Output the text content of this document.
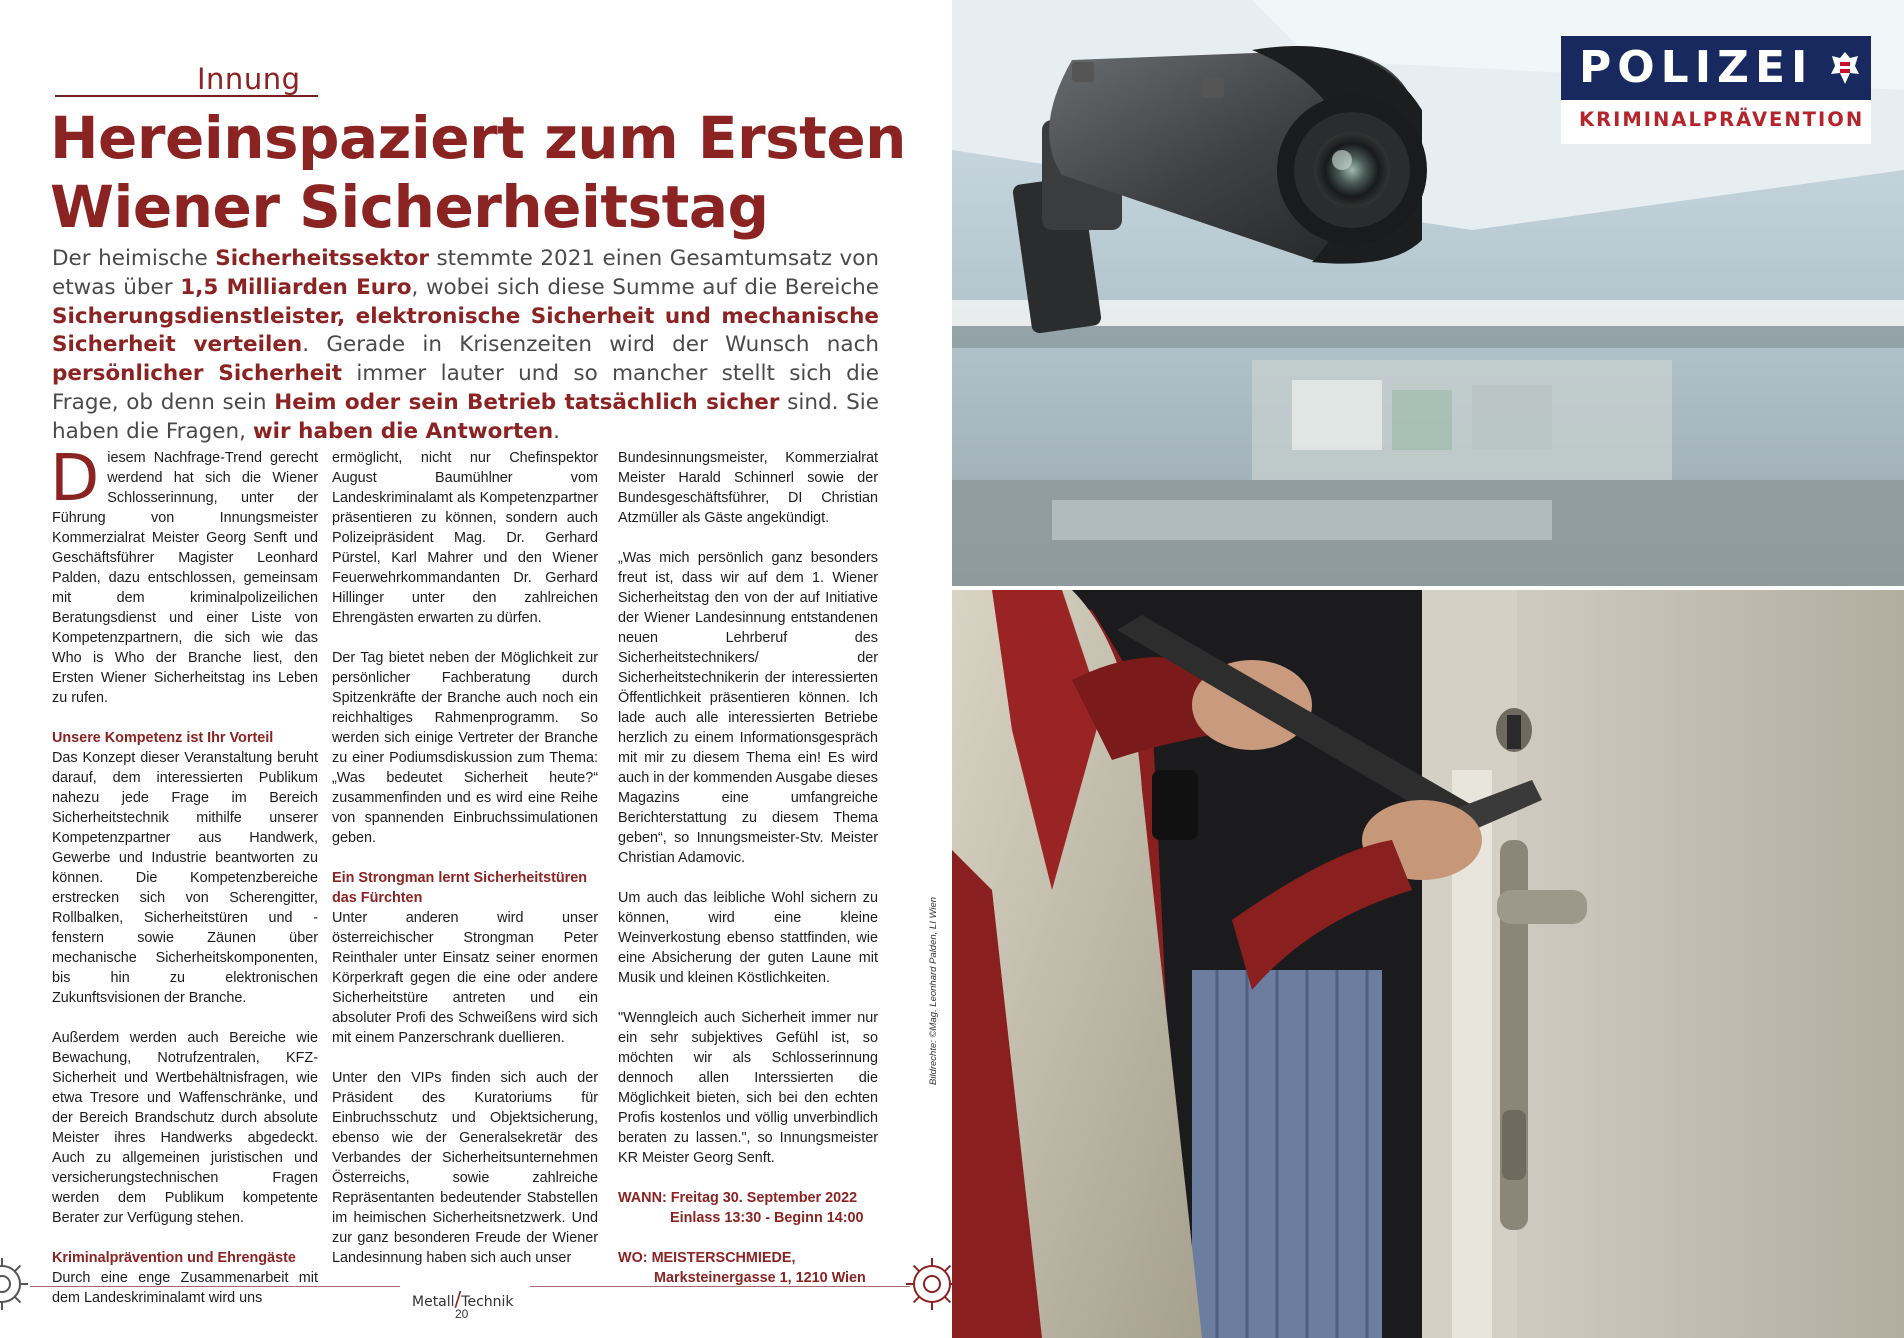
Innung
Hereinspaziert zum Ersten
Wiener Sicherheitstag

Der heimische Sicherheitssektor stemmte 2021 einen Gesamtumsatz von etwas über 1,5 Milliarden Euro, wobei sich diese Summe auf die Bereiche Sicherungsdienstleister, elektronische Sicherheit und mechanische Sicherheit verteilen. Gerade in Krisenzeiten wird der Wunsch nach persönlicher Sicherheit immer lauter und so mancher stellt sich die Frage, ob denn sein Heim oder sein Betrieb tatsächlich sicher sind. Sie haben die Fragen, wir haben die Antworten.

Diesem Nachfrage-Trend gerecht werdend hat sich die Wiener Schlosserinnung, unter der Führung von Innungsmeister Kommerzialrat Meister Georg Senft und Geschäftsführer Magister Leonhard Palden, dazu entschlossen, gemeinsam mit dem kriminalpolizeilichen Beratungsdienst und einer Liste von Kompetenzpartnern, die sich wie das Who is Who der Branche liest, den Ersten Wiener Sicherheitstag ins Leben zu rufen.

Unsere Kompetenz ist Ihr Vorteil

Das Konzept dieser Veranstaltung beruht darauf, dem interessierten Publikum nahezu jede Frage im Bereich Sicherheitstechnik mithilfe unserer Kompetenzpartner aus Handwerk, Gewerbe und Industrie beantworten zu können. Die Kompetenzbereiche erstrecken sich von Scherengitter, Rollbalken, Sicherheitstüren und -fenstern sowie Zäunen über mechanische Sicherheitskomponenten, bis hin zu elektronischen Zukunftsvisionen der Branche.

Außerdem werden auch Bereiche wie Bewachung, Notrufzentralen, KFZ-Sicherheit und Wertbehältnisfragen, wie etwa Tresore und Waffenschränke, und der Bereich Brandschutz durch absolute Meister ihres Handwerks abgedeckt. Auch zu allgemeinen juristischen und versicherungstechnischen Fragen werden dem Publikum kompetente Berater zur Verfügung stehen.

Kriminalprävention und Ehrengäste

Durch eine enge Zusammenarbeit mit dem Landeskriminalamt wird uns

ermöglicht, nicht nur Chefinspektor August Baumühlner vom Landeskriminalamt als Kompetenzpartner präsentieren zu können, sondern auch Polizeipräsident Mag. Dr. Gerhard Pürstel, Karl Mahrer und den Wiener Feuerwehrkommandanten Dr. Gerhard Hillinger unter den zahlreichen Ehrengästen erwarten zu dürfen.

Der Tag bietet neben der Möglichkeit zur persönlicher Fachberatung durch Spitzenkräfte der Branche auch noch ein reichhaltiges Rahmenprogramm. So werden sich einige Vertreter der Branche zu einer Podiumsdiskussion zum Thema: „Was bedeutet Sicherheit heute?“ zusammenfinden und es wird eine Reihe von spannenden Einbruchssimulationen geben.

Ein Strongman lernt Sicherheitstüren das Fürchten

Unter anderen wird unser österreichischer Strongman Peter Reinthaler unter Einsatz seiner enormen Körperkraft gegen die eine oder andere Sicherheitstüre antreten und ein absoluter Profi des Schweißens wird sich mit einem Panzerschrank duellieren.

Unter den VIPs finden sich auch der Präsident des Kuratoriums für Einbruchsschutz und Objektsicherung, ebenso wie der Generalsekretär des Verbandes der Sicherheitsunternehmen Österreichs, sowie zahlreiche Repräsentanten bedeutender Stabstellen im heimischen Sicherheitsnetzwerk. Und zur ganz besonderen Freude der Wiener Landesinnung haben sich auch unser

Bundesinnungsmeister, Kommerzialrat Meister Harald Schinnerl sowie der Bundesgeschäftsführer, DI Christian Atzmüller als Gäste angekündigt.

„Was mich persönlich ganz besonders freut ist, dass wir auf dem 1. Wiener Sicherheitstag den von der auf Initiative der Wiener Landesinnung entstandenen neuen Lehrberuf des Sicherheitstechnikers/ der Sicherheitstechnikerin der interessierten Öffentlichkeit präsentieren können. Ich lade auch alle interessierten Betriebe herzlich zu einem Informationsgespräch mit mir zu diesem Thema ein! Es wird auch in der kommenden Ausgabe dieses Magazins eine umfangreiche Berichterstattung zu diesem Thema geben“, so Innungsmeister-Stv. Meister Christian Adamovic.

Um auch das leibliche Wohl sichern zu können, wird eine kleine Weinverkostung ebenso stattfinden, wie eine Absicherung der guten Laune mit Musik und kleinen Köstlichkeiten.

"Wenngleich auch Sicherheit immer nur ein sehr subjektives Gefühl ist, so möchten wir als Schlosserinnung dennoch allen Interssierten die Möglichkeit bieten, sich bei den echten Profis kostenlos und völlig unverbindlich beraten zu lassen.", so Innungsmeister KR Meister Georg Senft.

WANN: Freitag 30. September 2022
Einlass 13:30 - Beginn 14:00
WO: MEISTERSCHMIEDE,
Marksteinergasse 1, 1210 Wien
Metall/Technik
20
POLIZEI
KRIMINALPRÄVENTION
Bildrechte: ©Mag. Leonhard Palden, LI Wien
